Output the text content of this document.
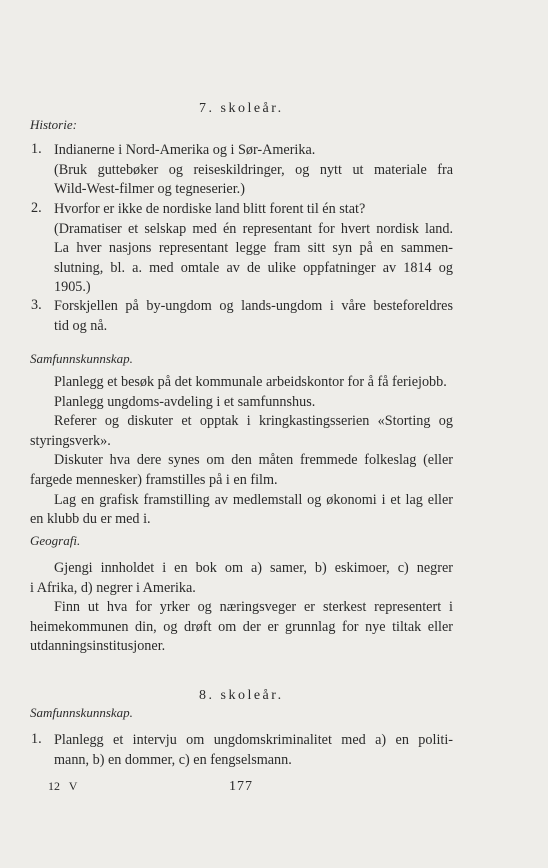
7. skoleår.
Historie:
1. Indianerne i Nord-Amerika og i Sør-Amerika.
(Bruk guttebøker og reiseskildringer, og nytt ut materiale fra
Wild-West-filmer og tegneserier.)
2. Hvorfor er ikke de nordiske land blitt forent til én stat?
(Dramatiser et selskap med én representant for hvert nordisk land.
La hver nasjons representant legge fram sitt syn på en sammen-
slutning, bl. a. med omtale av de ulike oppfatninger av 1814 og
1905.)
3. Forskjellen på by-ungdom og lands-ungdom i våre besteforeldres
tid og nå.
Samfunnskunnskap.
Planlegg et besøk på det kommunale arbeidskontor for å få feriejobb.
Planlegg ungdoms-avdeling i et samfunnshus.
Referer og diskuter et opptak i kringkastingsserien «Storting og
styringsverk».
Diskuter hva dere synes om den måten fremmede folkeslag (eller
fargede mennesker) framstilles på i en film.
Lag en grafisk framstilling av medlemstall og økonomi i et lag eller
en klubb du er med i.
Geografi.
Gjengi innholdet i en bok om a) samer, b) eskimoer, c) negrer
i Afrika, d) negrer i Amerika.
Finn ut hva for yrker og næringsveger er sterkest representert i
heimekommunen din, og drøft om der er grunnlag for nye tiltak eller
utdanningsinstitusjoner.
8. skoleår.
Samfunnskunnskap.
1. Planlegg et intervju om ungdomskriminalitet med a) en politi-
mann, b) en dommer, c) en fengselsmann.
12 V	177
